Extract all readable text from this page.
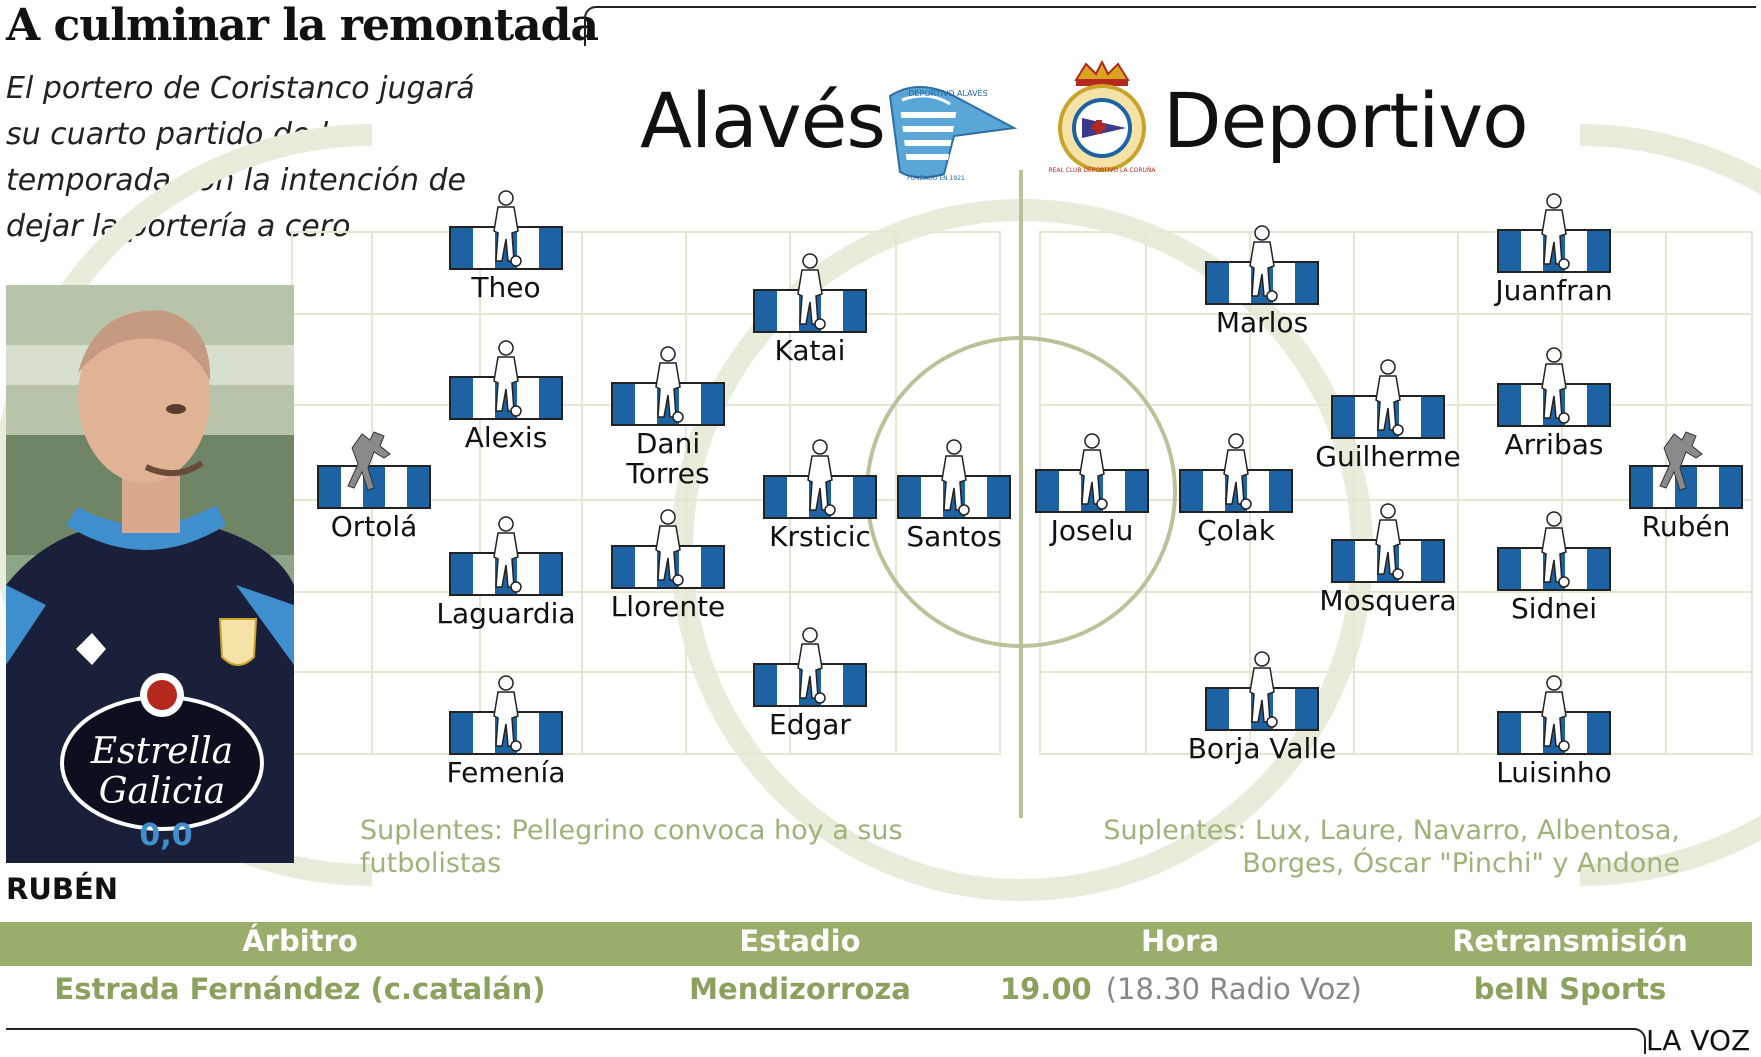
A culminar la remontada
El portero de Coristanco jugará su cuarto partido de la temporada con la intención de dejar la portería a cero
Alavés	Deportivo
DEPORTIVO ALAVÉS
FUNDADO EN 1921
REAL CLUB DEPORTIVO LA CORUÑA
Estrella
Galicia
0,0
RUBÉN
Ortolá
Theo
Alexis
Laguardia
Femenía
Dani Torres
Llorente
Katai
Krsticic
Edgar
Santos	Joselu	Çolak
Marlos
Borja Valle
Guilherme
Mosquera
Juanfran
Arribas
Sidnei
Luisinho
Rubén
Suplentes: Pellegrino convoca hoy a sus futbolistas
Suplentes: Lux, Laure, Navarro, Albentosa, Borges, Óscar "Pinchi" y Andone
Árbitro	Estadio	Hora	Retransmisión
Estrada Fernández (c.catalán)	Mendizorroza	19.00 (18.30 Radio Voz)	beIN Sports
LA VOZ
